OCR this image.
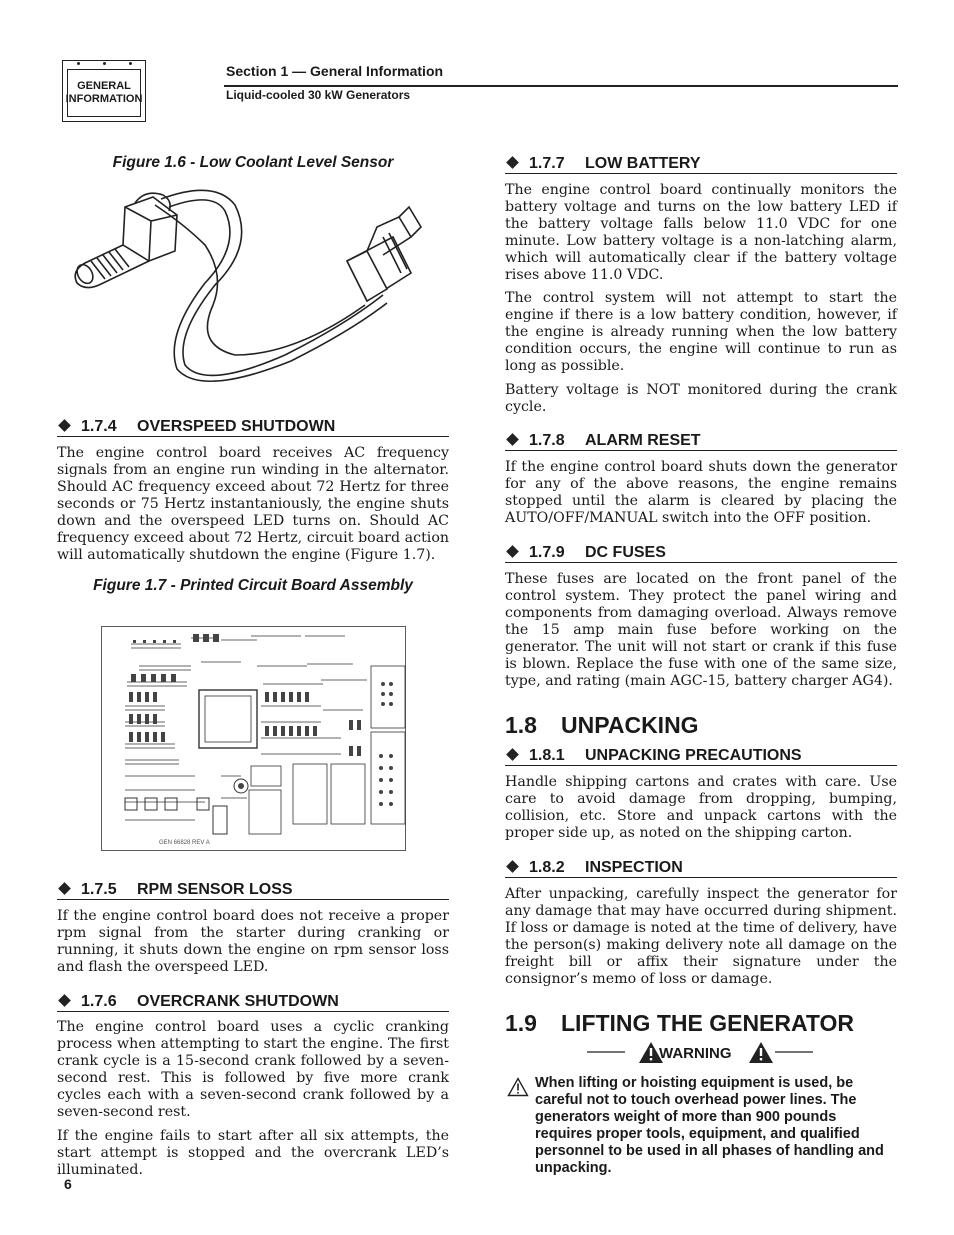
GENERAL
INFORMATION
Section 1 — General Information
Liquid-cooled 30 kW Generators
Figure 1.6 - Low Coolant Level Sensor
1.7.4 OVERSPEED SHUTDOWN
The engine control board receives AC frequency signals from an engine run winding in the alternator. Should AC frequency exceed about 72 Hertz for three seconds or 75 Hertz instantaniously, the engine shuts down and the overspeed LED turns on. Should AC frequency exceed about 72 Hertz, circuit board action will automatically shutdown the engine (Figure 1.7).
Figure 1.7 - Printed Circuit Board Assembly
GEN 66828 REV A
1.7.5 RPM SENSOR LOSS
If the engine control board does not receive a proper rpm signal from the starter during cranking or running, it shuts down the engine on rpm sensor loss and flash the overspeed LED.
1.7.6 OVERCRANK SHUTDOWN
The engine control board uses a cyclic cranking process when attempting to start the engine. The first crank cycle is a 15-second crank followed by a seven-second rest. This is followed by five more crank cycles each with a seven-second crank followed by a seven-second rest.
If the engine fails to start after all six attempts, the start attempt is stopped and the overcrank LED’s illuminated.
1.7.7 LOW BATTERY
The engine control board continually monitors the battery voltage and turns on the low battery LED if the battery voltage falls below 11.0 VDC for one minute. Low battery voltage is a non-latching alarm, which will automatically clear if the battery voltage rises above 11.0 VDC.
The control system will not attempt to start the engine if there is a low battery condition, however, if the engine is already running when the low battery condition occurs, the engine will continue to run as long as possible.
Battery voltage is NOT monitored during the crank cycle.
1.7.8 ALARM RESET
If the engine control board shuts down the generator for any of the above reasons, the engine remains stopped until the alarm is cleared by placing the AUTO/OFF/MANUAL switch into the OFF position.
1.7.9 DC FUSES
These fuses are located on the front panel of the control system. They protect the panel wiring and components from damaging overload. Always remove the 15 amp main fuse before working on the generator. The unit will not start or crank if this fuse is blown. Replace the fuse with one of the same size, type, and rating (main AGC-15, battery charger AG4).
1.8 UNPACKING
1.8.1 UNPACKING PRECAUTIONS
Handle shipping cartons and crates with care. Use care to avoid damage from dropping, bumping, collision, etc. Store and unpack cartons with the proper side up, as noted on the shipping carton.
1.8.2 INSPECTION
After unpacking, carefully inspect the generator for any damage that may have occurred during shipment. If loss or damage is noted at the time of delivery, have the person(s) making delivery note all damage on the freight bill or affix their signature under the consignor’s memo of loss or damage.
1.9 LIFTING THE GENERATOR
WARNING
When lifting or hoisting equipment is used, be careful not to touch overhead power lines. The generators weight of more than 900 pounds requires proper tools, equipment, and qualified personnel to be used in all phases of handling and unpacking.
6
